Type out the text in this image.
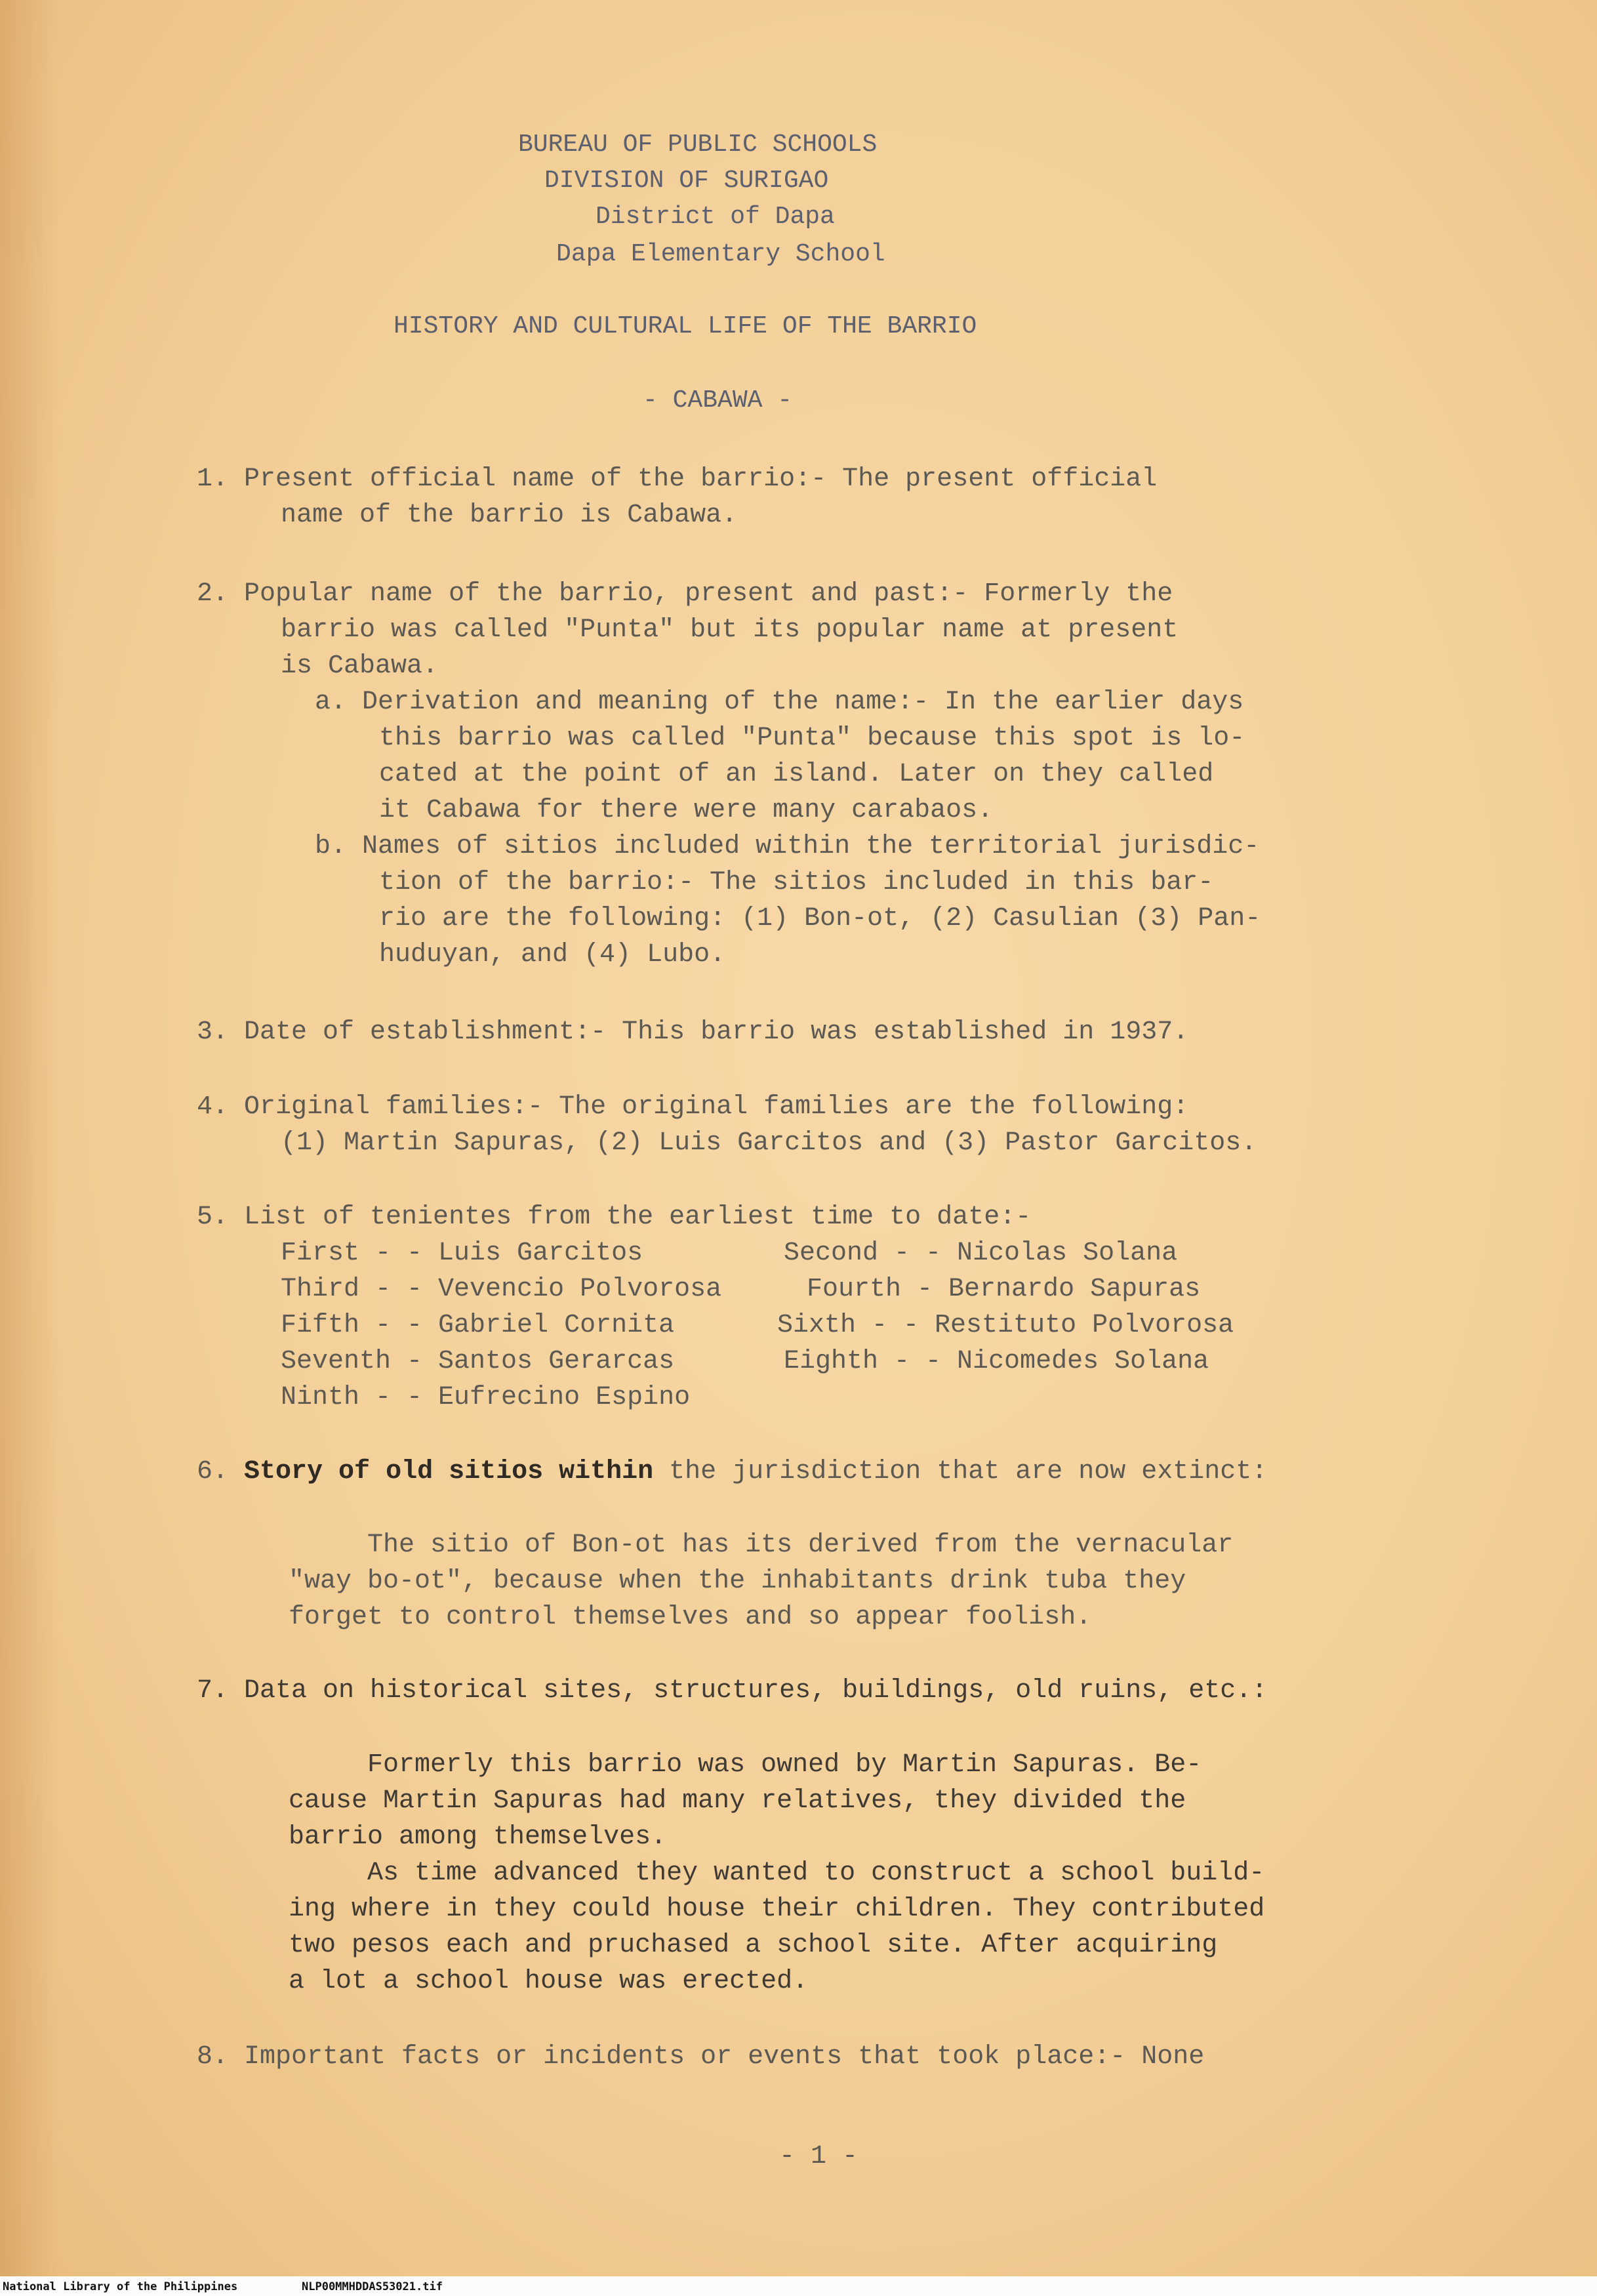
BUREAU OF PUBLIC SCHOOLS
DIVISION OF SURIGAO
District of Dapa
Dapa Elementary School
HISTORY AND CULTURAL LIFE OF THE BARRIO
- CABAWA -
1. Present official name of the barrio:- The present official
name of the barrio is Cabawa.
2. Popular name of the barrio, present and past:- Formerly the
barrio was called "Punta" but its popular name at present
is Cabawa.
a. Derivation and meaning of the name:- In the earlier days
this barrio was called "Punta" because this spot is lo-
cated at the point of an island. Later on they called
it Cabawa for there were many carabaos.
b. Names of sitios included within the territorial jurisdic-
tion of the barrio:- The sitios included in this bar-
rio are the following: (1) Bon-ot, (2) Casulian (3) Pan-
huduyan, and (4) Lubo.
3. Date of establishment:- This barrio was established in 1937.
4. Original families:- The original families are the following:
(1) Martin Sapuras, (2) Luis Garcitos and (3) Pastor Garcitos.
5. List of tenientes from the earliest time to date:-
First - - Luis Garcitos	Second - - Nicolas Solana
Third - - Vevencio Polvorosa	Fourth - Bernardo Sapuras
Fifth - - Gabriel Cornita	Sixth - - Restituto Polvorosa
Seventh - Santos Gerarcas	Eighth - - Nicomedes Solana
Ninth - - Eufrecino Espino
6. Story of old sitios within the jurisdiction that are now extinct:
The sitio of Bon-ot has its derived from the vernacular
"way bo-ot", because when the inhabitants drink tuba they
forget to control themselves and so appear foolish.
7. Data on historical sites, structures, buildings, old ruins, etc.:
Formerly this barrio was owned by Martin Sapuras. Be-
cause Martin Sapuras had many relatives, they divided the
barrio among themselves.
As time advanced they wanted to construct a school build-
ing where in they could house their children. They contributed
two pesos each and pruchased a school site. After acquiring
a lot a school house was erected.
8. Important facts or incidents or events that took place:- None
- 1 -
National Library of the Philippines	NLP00MMHDDAS53021.tif
